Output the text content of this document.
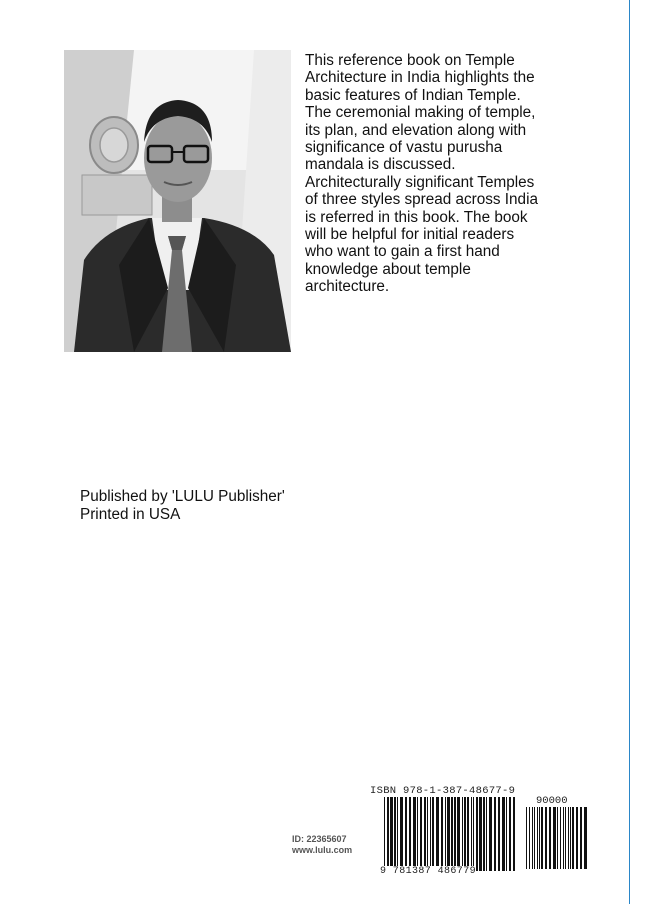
This reference book on Temple
Architecture in India highlights the
basic features of Indian Temple.
The ceremonial making of temple,
its plan, and elevation along with
significance of vastu purusha
mandala is discussed.
Architecturally significant Temples
of three styles spread across India
is referred in this book. The book
will be helpful for initial readers
who want to gain a first hand
knowledge about temple
architecture.

Published by 'LULU Publisher'
Printed in USA

ID: 22365607
www.lulu.com
ISBN 978-1-387-48677-9
90000
9 781387 486779
